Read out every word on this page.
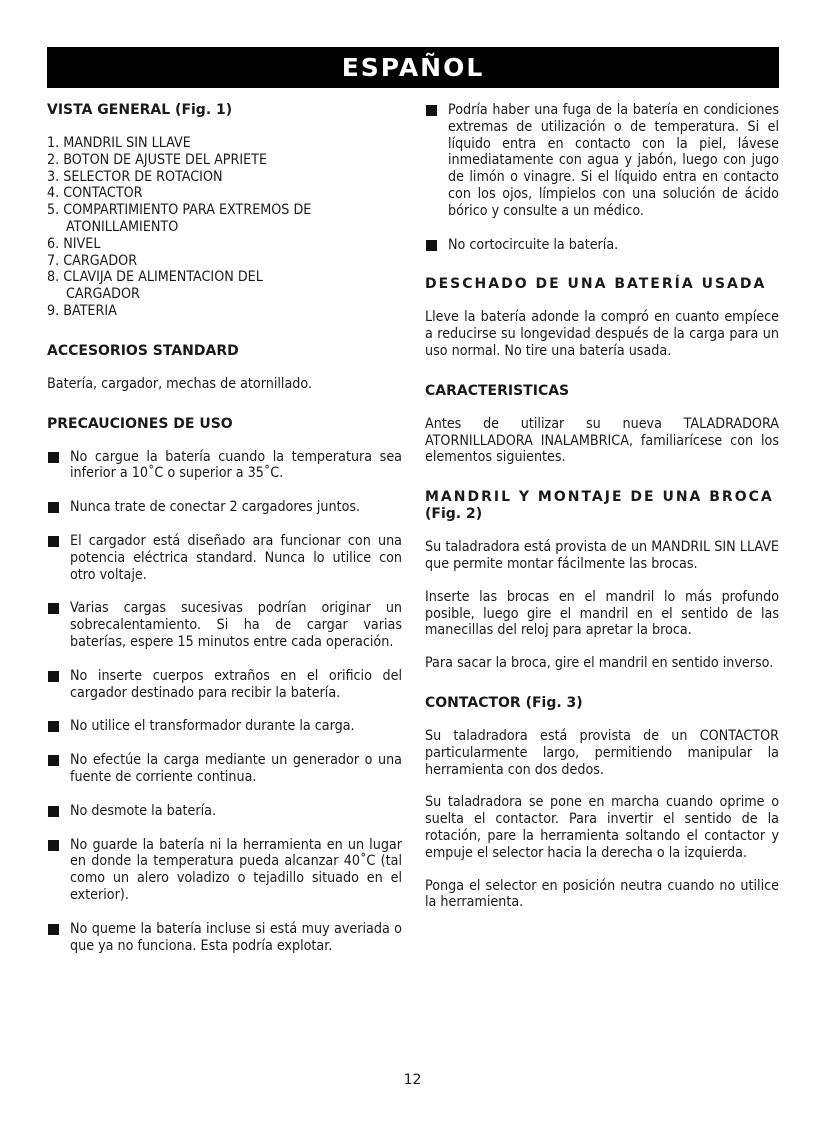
ESPAÑOL
VISTA GENERAL (Fig. 1)
1. MANDRIL SIN LLAVE
2. BOTON DE AJUSTE DEL APRIETE
3. SELECTOR DE ROTACION
4. CONTACTOR
5. COMPARTIMIENTO PARA EXTREMOS DE
ATONILLAMIENTO
6. NIVEL
7. CARGADOR
8. CLAVIJA DE ALIMENTACION DEL
CARGADOR
9. BATERIA
ACCESORIOS STANDARD

Batería, cargador, mechas de atornillado.

PRECAUCIONES DE USO

No cargue la batería cuando la temperatura sea inferior a 10˚C o superior a 35˚C.

Nunca trate de conectar 2 cargadores juntos.

El cargador está diseñado ara funcionar con una potencia eléctrica standard. Nunca lo utilice con otro voltaje.

Varias cargas sucesivas podrían originar un sobrecalentamiento. Si ha de cargar varias baterías, espere 15 minutos entre cada operación.

No inserte cuerpos extraños en el orificio del cargador destinado para recibir la batería.

No utilice el transformador durante la carga.

No efectúe la carga mediante un generador o una fuente de corriente continua.

No desmote la batería.

No guarde la batería ni la herramienta en un lugar en donde la temperatura pueda alcanzar 40˚C (tal como un alero voladizo o tejadillo situado en el exterior).

No queme la batería incluse si está muy averiada o que ya no funciona. Esta podría explotar.

Podría haber una fuga de la batería en condiciones extremas de utilización o de temperatura. Si el líquido entra en contacto con la piel, lávese inmediatamente con agua y jabón, luego con jugo de limón o vinagre. Si el líquido entra en contacto con los ojos, límpielos con una solución de ácido bórico y consulte a un médico.

No cortocircuite la batería.

DESCHADO DE UNA BATERÍA USADA

Lleve la batería adonde la compró en cuanto empíece a reducirse su longevidad después de la carga para un uso normal. No tire una batería usada.

CARACTERISTICAS

Antes de utilizar su nueva TALADRADORA ATORNILLADORA INALAMBRICA, familiarícese con los elementos siguientes.

MANDRIL Y MONTAJE DE UNA BROCA
(Fig. 2)

Su taladradora está provista de un MANDRIL SIN LLAVE que permite montar fácilmente las brocas.

Inserte las brocas en el mandril lo más profundo posible, luego gire el mandril en el sentido de las manecillas del reloj para apretar la broca.

Para sacar la broca, gire el mandril en sentido inverso.

CONTACTOR (Fig. 3)

Su taladradora está provista de un CONTACTOR particularmente largo, permitiendo manipular la herramienta con dos dedos.

Su taladradora se pone en marcha cuando oprime o suelta el contactor. Para invertir el sentido de la rotación, pare la herramienta soltando el contactor y empuje el selector hacia la derecha o la izquierda.

Ponga el selector en posición neutra cuando no utilice la herramienta.

12
